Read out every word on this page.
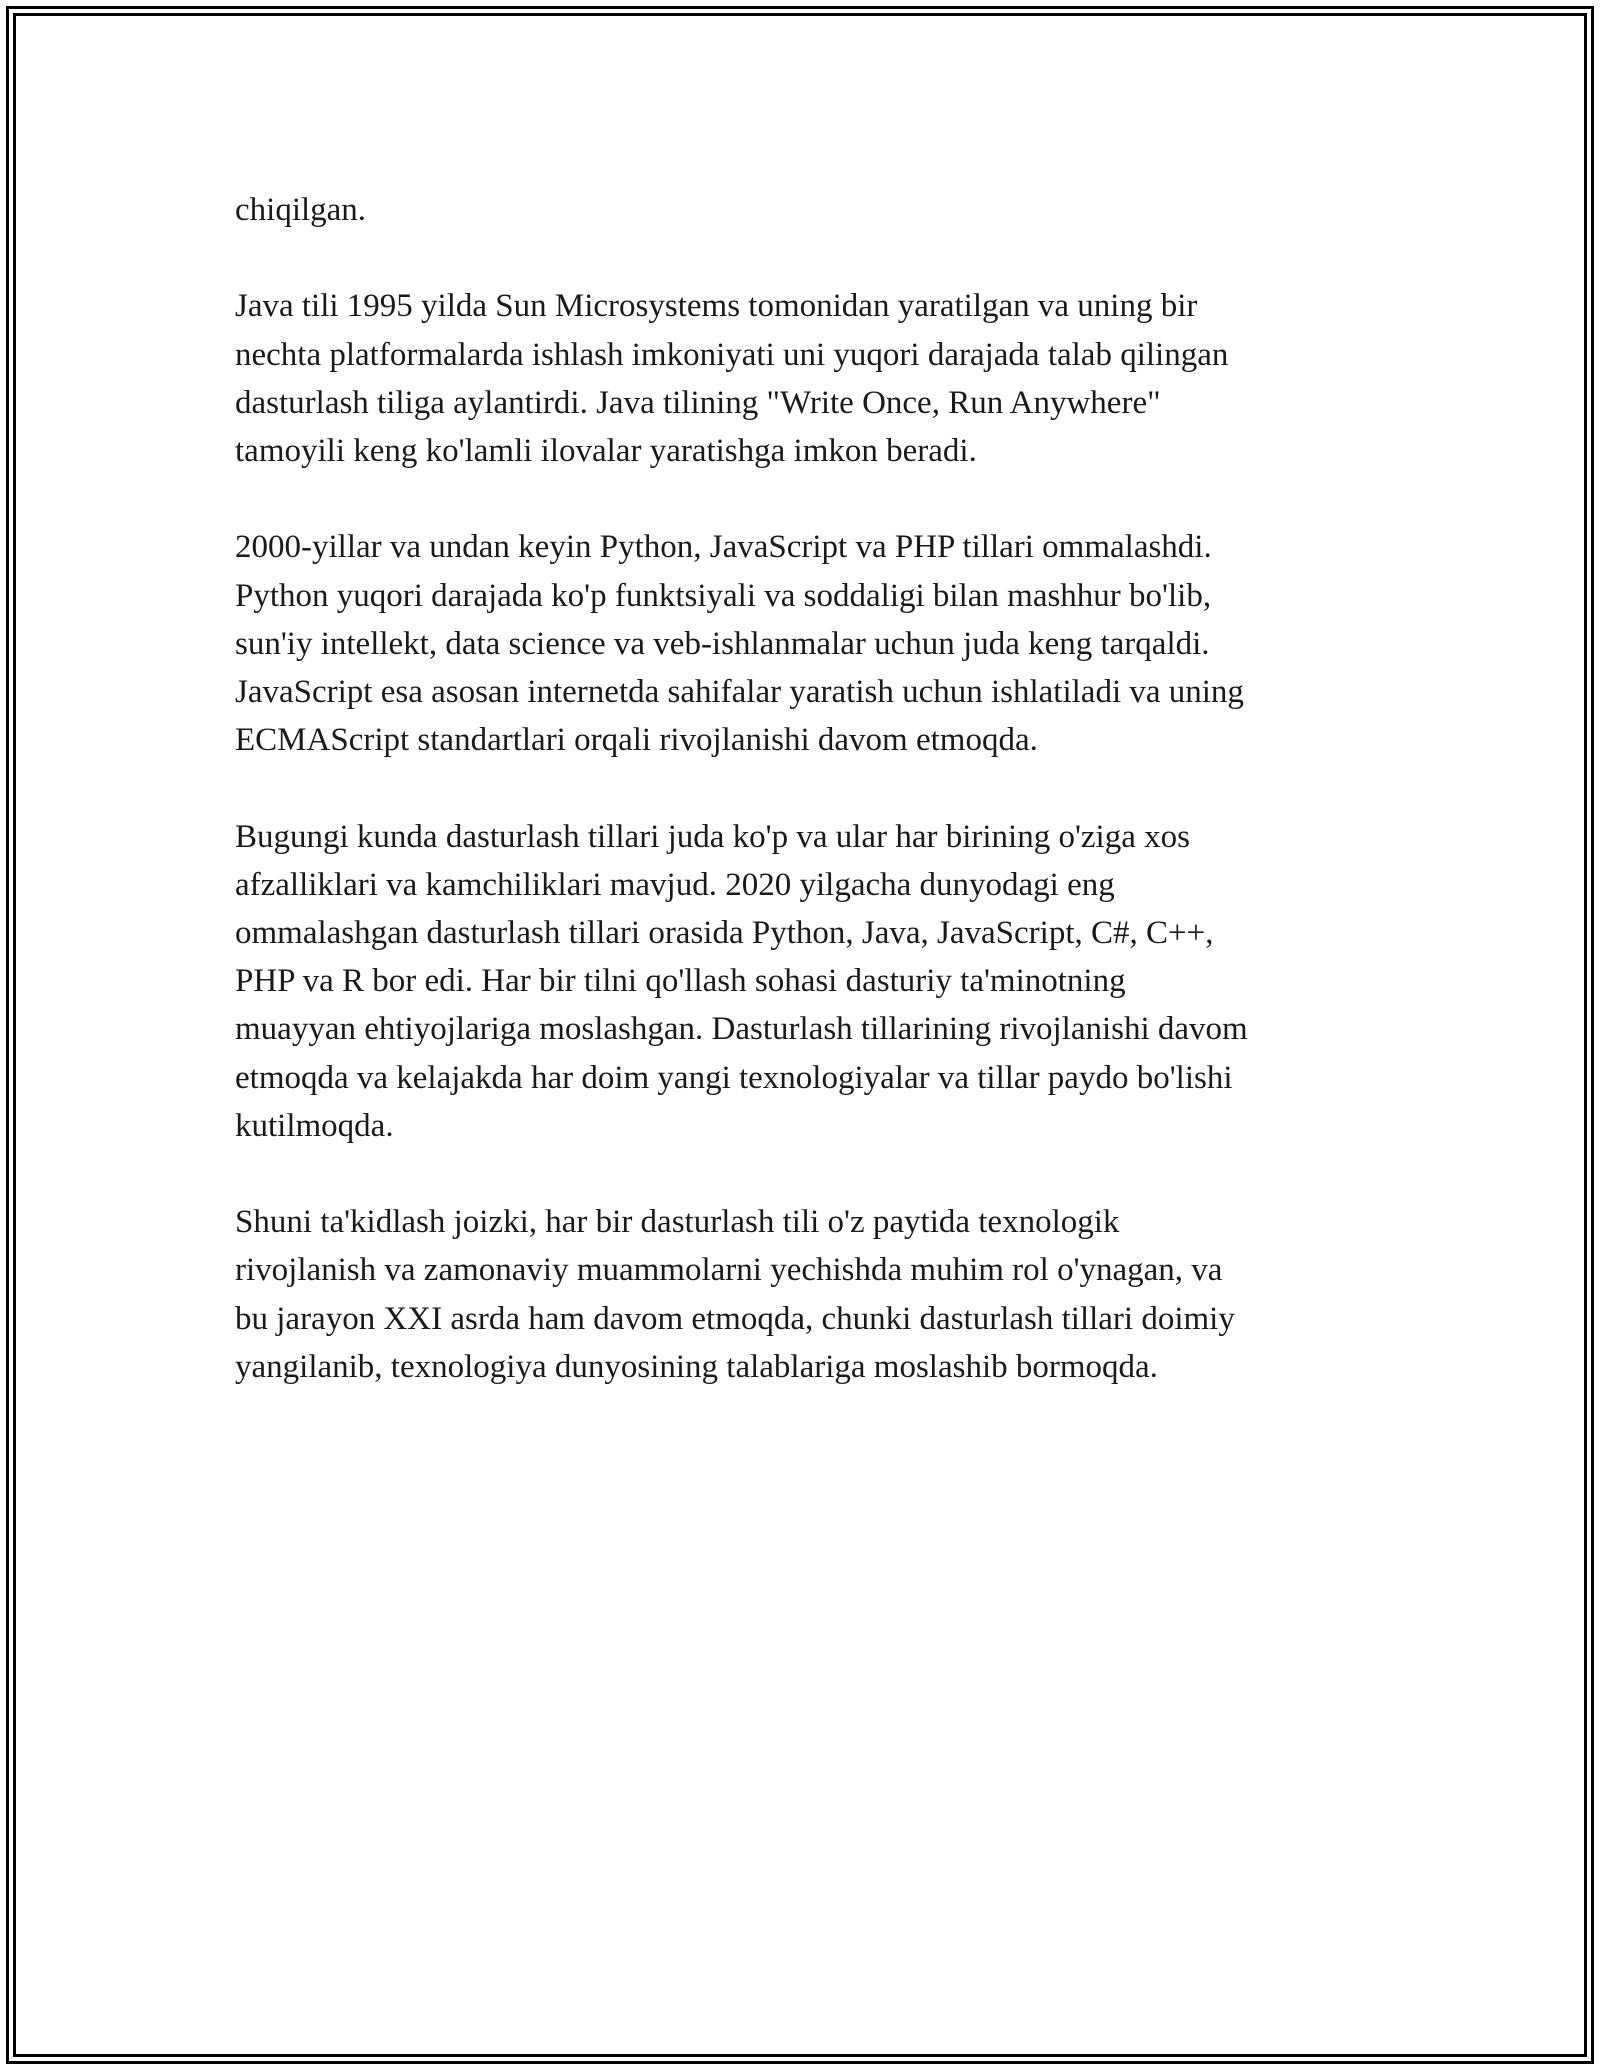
chiqilgan.

Java tili 1995 yilda Sun Microsystems tomonidan yaratilgan va uning bir
nechta platformalarda ishlash imkoniyati uni yuqori darajada talab qilingan
dasturlash tiliga aylantirdi. Java tilining "Write Once, Run Anywhere"
tamoyili keng ko'lamli ilovalar yaratishga imkon beradi.

2000-yillar va undan keyin Python, JavaScript va PHP tillari ommalashdi.
Python yuqori darajada ko'p funktsiyali va soddaligi bilan mashhur bo'lib,
sun'iy intellekt, data science va veb-ishlanmalar uchun juda keng tarqaldi.
JavaScript esa asosan internetda sahifalar yaratish uchun ishlatiladi va uning
ECMAScript standartlari orqali rivojlanishi davom etmoqda.

Bugungi kunda dasturlash tillari juda ko'p va ular har birining o'ziga xos
afzalliklari va kamchiliklari mavjud. 2020 yilgacha dunyodagi eng
ommalashgan dasturlash tillari orasida Python, Java, JavaScript, C#, C++,
PHP va R bor edi. Har bir tilni qo'llash sohasi dasturiy ta'minotning
muayyan ehtiyojlariga moslashgan. Dasturlash tillarining rivojlanishi davom
etmoqda va kelajakda har doim yangi texnologiyalar va tillar paydo bo'lishi
kutilmoqda.

Shuni ta'kidlash joizki, har bir dasturlash tili o'z paytida texnologik
rivojlanish va zamonaviy muammolarni yechishda muhim rol o'ynagan, va
bu jarayon XXI asrda ham davom etmoqda, chunki dasturlash tillari doimiy
yangilanib, texnologiya dunyosining talablariga moslashib bormoqda.
